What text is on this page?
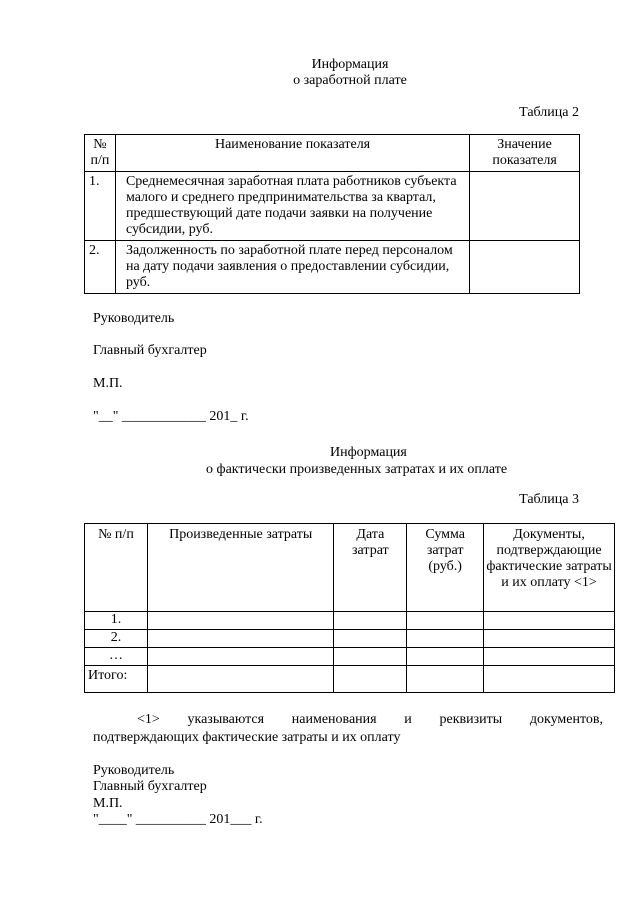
Информация
о заработной плате
Таблица 2
№ п/п	Наименование показателя	Значение показателя
1.	Среднемесячная заработная плата работников субъекта малого и среднего предпринимательства за квартал, предшествующий дате подачи заявки на получение субсидии, руб.	
2.	Задолженность по заработной плате перед персоналом на дату подачи заявления о предоставлении субсидии, руб.	
Руководитель
Главный бухгалтер
М.П.
"__" ____________ 201_ г.
Информация
о фактически произведенных затратах и их оплате
Таблица 3
№ п/п	Произведенные затраты	Дата затрат	Сумма затрат (руб.)	Документы, подтверждающие фактические затраты и их оплату <1>
1.				
2.				
…				
Итого:				
<1> указываются наименования и реквизиты документов,
подтверждающих фактические затраты и их оплату
Руководитель
Главный бухгалтер
М.П.
"____" __________ 201___ г.
